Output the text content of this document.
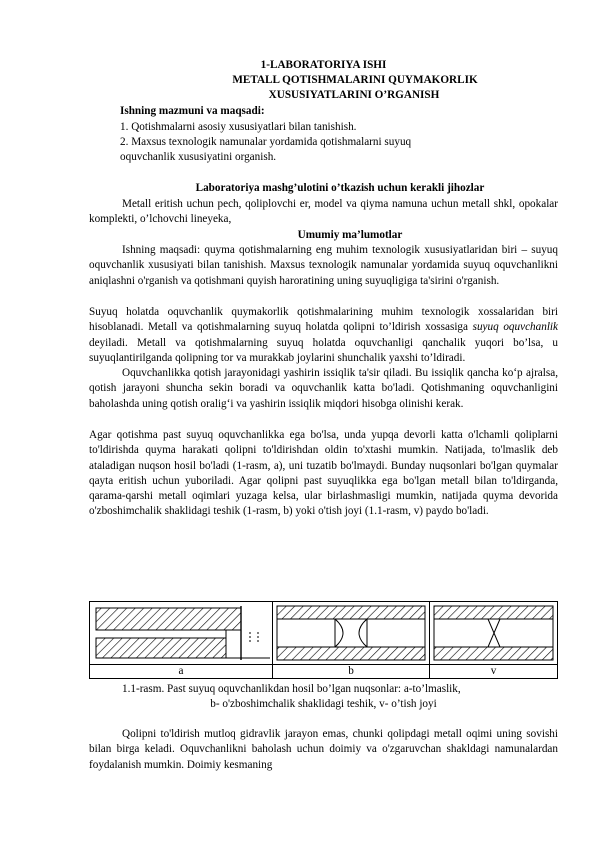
1-LABORATORIYA ISHI
METALL QOTISHMALARINI QUYMAKORLIK
XUSUSIYATLARINI O’RGANISH
Ishning mazmuni va maqsadi:
1. Qotishmalarni asosiy xususiyatlari bilan tanishish.
2. Maxsus texnologik namunalar yordamida qotishmalarni suyuq
oquvchanlik xususiyatini organish.
Laboratoriya mashg’ulotini o’tkazish uchun kerakli jihozlar

Metall eritish uchun pech, qoliplovchi er, model va qiyma namuna uchun metall shkl, opokalar komplekti, o’lchovchi lineyeka,

Umumiy ma’lumotlar

Ishning maqsadi: quyma qotishmalarning eng muhim texnologik xususiyatlaridan biri – suyuq oquvchanlik xususiyati bilan tanishish. Maxsus texnologik namunalar yordamida suyuq oquvchanlikni aniqlashni o'rganish va qotishmani quyish haroratining uning suyuqligiga ta'sirini o'rganish.

Suyuq holatda oquvchanlik quymakorlik qotishmalarining muhim texnologik xossalaridan biri hisoblanadi. Metall va qotishmalarning suyuq holatda qolipni to’ldirish xossasiga suyuq oquvchanlik deyiladi. Metall va qotishmalarning suyuq holatda oquvchanligi qanchalik yuqori bo’lsa, u suyuqlantirilganda qolipning tor va murakkab joylarini shunchalik yaxshi to’ldiradi.

Oquvchanlikka qotish jarayonidagi yashirin issiqlik ta'sir qiladi. Bu issiqlik qancha ko‘p ajralsa, qotish jarayoni shuncha sekin boradi va oquvchanlik katta bo'ladi. Qotishmaning oquvchanligini baholashda uning qotish oralig‘i va yashirin issiqlik miqdori hisobga olinishi kerak.

Agar qotishma past suyuq oquvchanlikka ega bo'lsa, unda yupqa devorli katta o'lchamli qoliplarni to'ldirishda quyma harakati qolipni to'ldirishdan oldin to'xtashi mumkin. Natijada, to'lmaslik deb ataladigan nuqson hosil bo'ladi (1-rasm, a), uni tuzatib bo'lmaydi. Bunday nuqsonlari bo'lgan quymalar qayta eritish uchun yuboriladi. Agar qolipni past suyuqlikka ega bo'lgan metall bilan to'ldirganda, qarama-qarshi metall oqimlari yuzaga kelsa, ular birlashmasligi mumkin, natijada quyma devorida o'zboshimchalik shaklidagi teshik (1-rasm, b) yoki o'tish joyi (1.1-rasm, v) paydo bo'ladi.

a	b	v
1.1-rasm. Past suyuq oquvchanlikdan hosil bo’lgan nuqsonlar: a-to’lmaslik,
b- o'zboshimchalik shaklidagi teshik, v- o’tish joyi

Qolipni to'ldirish mutloq gidravlik jarayon emas, chunki qolipdagi metall oqimi uning sovishi bilan birga keladi. Oquvchanlikni baholash uchun doimiy va o'zgaruvchan shakldagi namunalardan foydalanish mumkin. Doimiy kesmaning
